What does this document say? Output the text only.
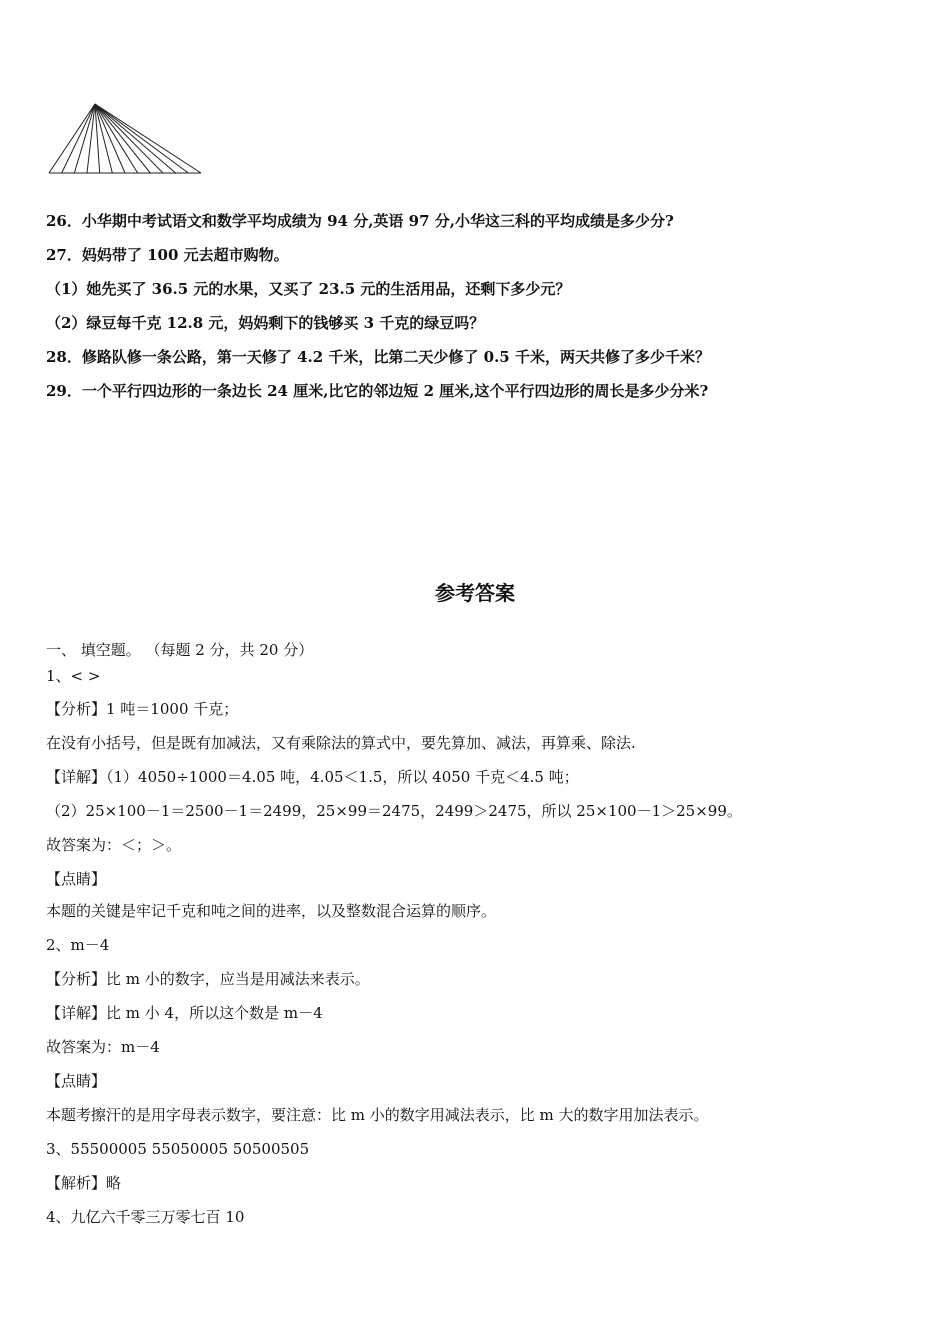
26．小华期中考试语文和数学平均成绩为 94 分,英语 97 分,小华这三科的平均成绩是多少分?
27．妈妈带了 100 元去超市购物。
（1）她先买了 36.5 元的水果，又买了 23.5 元的生活用品，还剩下多少元？
（2）绿豆每千克 12.8 元，妈妈剩下的钱够买 3 千克的绿豆吗？
28．修路队修一条公路，第一天修了 4.2 千米，比第二天少修了 0.5 千米，两天共修了多少千米？
29．一个平行四边形的一条边长 24 厘米,比它的邻边短 2 厘米,这个平行四边形的周长是多少分米?
参考答案
一、 填空题。 （每题 2 分，共 20 分）
1、< >
【分析】1 吨＝1000 千克；
在没有小括号，但是既有加减法，又有乘除法的算式中，要先算加、减法，再算乘、除法.
【详解】（1）4050÷1000＝4.05 吨，4.05＜1.5，所以 4050 千克＜4.5 吨；
（2）25×100－1＝2500－1＝2499，25×99＝2475，2499＞2475，所以 25×100－1＞25×99。
故答案为：＜；＞。
【点睛】
本题的关键是牢记千克和吨之间的进率，以及整数混合运算的顺序。
2、m－4
【分析】比 m 小的数字，应当是用减法来表示。
【详解】比 m 小 4，所以这个数是 m－4
故答案为：m－4
【点睛】
本题考擦汗的是用字母表示数字，要注意：比 m 小的数字用减法表示，比 m 大的数字用加法表示。
3、55500005 55050005 50500505
【解析】略
4、九亿六千零三万零七百 10
